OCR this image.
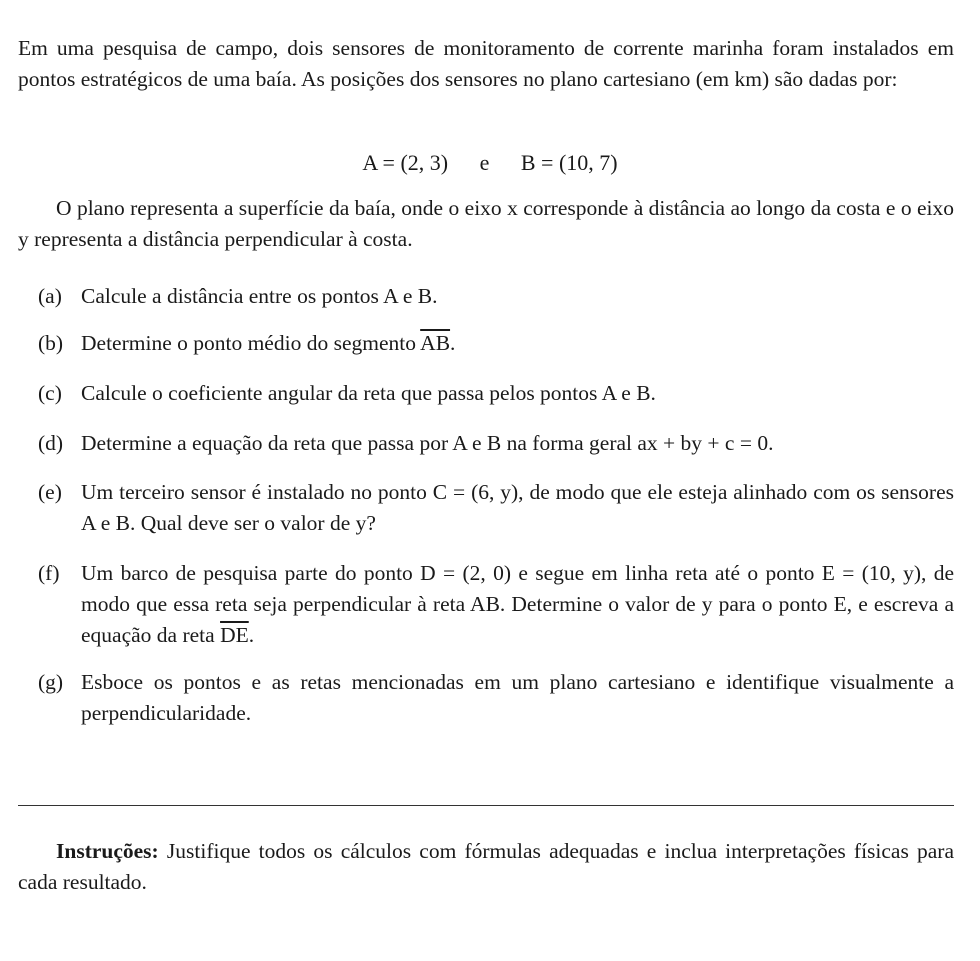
Em uma pesquisa de campo, dois sensores de monitoramento de corrente marinha foram instalados em pontos estratégicos de uma baía. As posições dos sensores no plano cartesiano (em km) são dadas por:

A = (2, 3) e B = (10, 7)

O plano representa a superfície da baía, onde o eixo x corresponde à distância ao longo da costa e o eixo y representa a distância perpendicular à costa.

(a) Calcule a distância entre os pontos A e B.
(b) Determine o ponto médio do segmento $\overline{AB}$.
(c) Calcule o coeficiente angular da reta que passa pelos pontos A e B.
(d) Determine a equação da reta que passa por A e B na forma geral ax + by + c = 0.
(e) Um terceiro sensor é instalado no ponto C = (6, y), de modo que ele esteja alinhado com os sensores A e B. Qual deve ser o valor de y?
(f) Um barco de pesquisa parte do ponto D = (2, 0) e segue em linha reta até o ponto E = (10, y), de modo que essa reta seja perpendicular à reta AB. Determine o valor de y para o ponto E, e escreva a equação da reta $\overline{DE}$.
(g) Esboce os pontos e as retas mencionadas em um plano cartesiano e identifique visualmente a perpendicularidade.

Instruções: Justifique todos os cálculos com fórmulas adequadas e inclua interpretações físicas para cada resultado.
